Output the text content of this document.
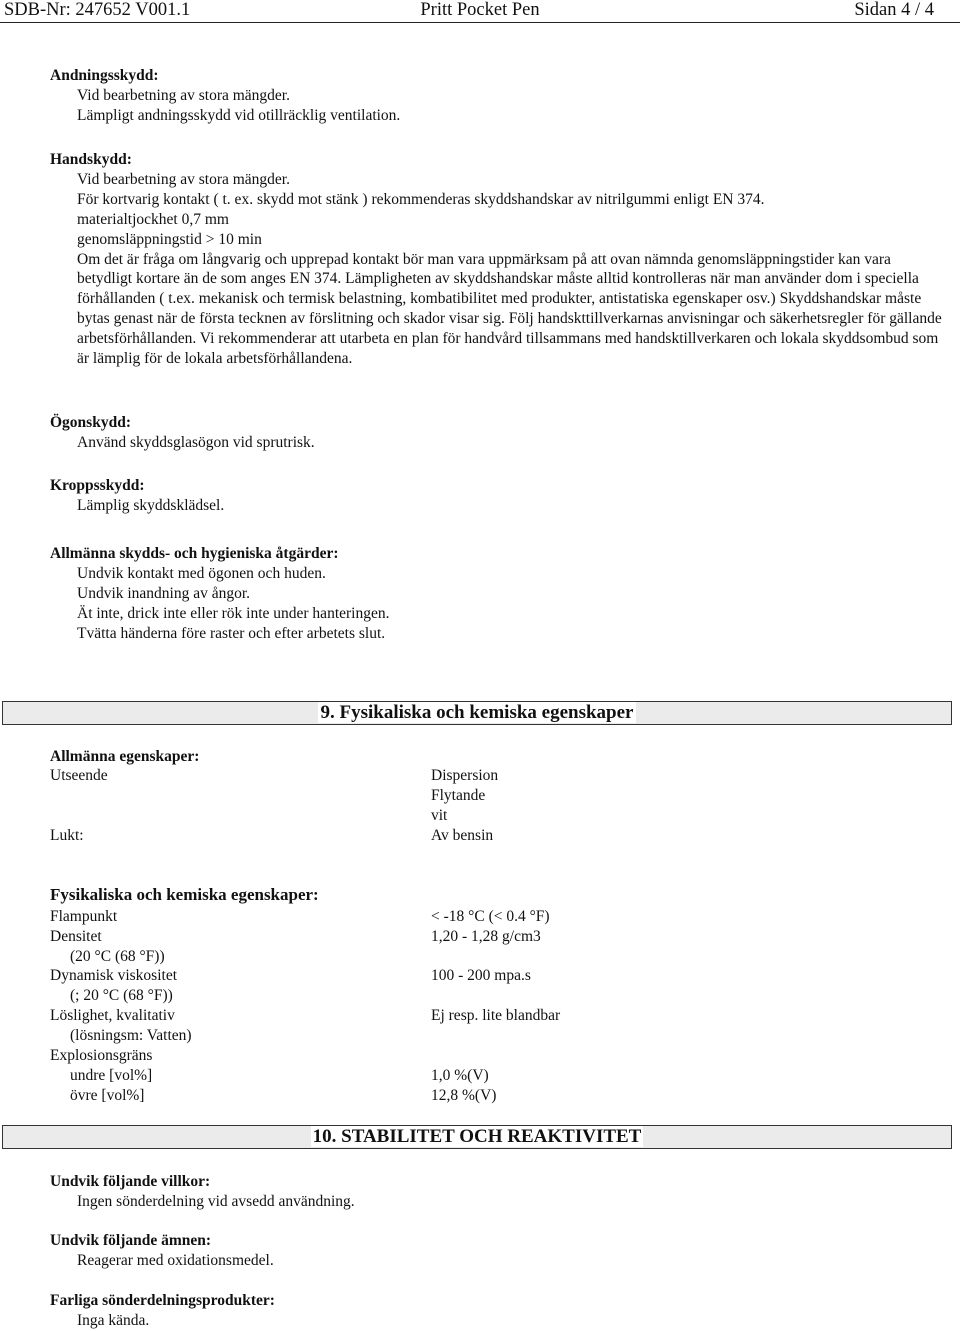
SDB-Nr: 247652 V001.1	Pritt Pocket Pen	Sidan 4 / 4
Andningsskydd:
Vid bearbetning av stora mängder.
Lämpligt andningsskydd vid otillräcklig ventilation.
Handskydd:
Vid bearbetning av stora mängder.
För kortvarig kontakt ( t. ex. skydd mot stänk ) rekommenderas skyddshandskar av nitrilgummi enligt EN 374.
materialtjockhet 0,7 mm
genomsläppningstid > 10 min
Om det är fråga om långvarig och upprepad kontakt bör man vara uppmärksam på att ovan nämnda genomsläppningstider kan vara betydligt kortare än de som anges EN 374. Lämpligheten av skyddshandskar måste alltid kontrolleras när man använder dom i speciella förhållanden ( t.ex. mekanisk och termisk belastning, kombatibilitet med produkter, antistatiska egenskaper osv.) Skyddshandskar måste bytas genast när de första tecknen av förslitning och skador visar sig. Följ handskttillverkarnas anvisningar och säkerhetsregler för gällande arbetsförhållanden. Vi rekommenderar att utarbeta en plan för handvård tillsammans med handsktillverkaren och lokala skyddsombud som är lämplig för de lokala arbetsförhållandena.
Ögonskydd:
Använd skyddsglasögon vid sprutrisk.
Kroppsskydd:
Lämplig skyddsklädsel.
Allmänna skydds- och hygieniska åtgärder:
Undvik kontakt med ögonen och huden.
Undvik inandning av ångor.
Ät inte, drick inte eller rök inte under hanteringen.
Tvätta händerna före raster och efter arbetets slut.
9. Fysikaliska och kemiska egenskaper
Allmänna egenskaper:
Utseende	Dispersion
Flytande
vit
Lukt:	Av bensin
Fysikaliska och kemiska egenskaper:
Flampunkt	< -18 °C (< 0.4 °F)
Densitet	1,20 - 1,28 g/cm3
(20 °C (68 °F))
Dynamisk viskositet	100 - 200 mpa.s
(; 20 °C (68 °F))
Löslighet, kvalitativ	Ej resp. lite blandbar
(lösningsm: Vatten)
Explosionsgräns
undre [vol%]	1,0 %(V)
övre [vol%]	12,8 %(V)
10. STABILITET OCH REAKTIVITET
Undvik följande villkor:
Ingen sönderdelning vid avsedd användning.
Undvik följande ämnen:
Reagerar med oxidationsmedel.
Farliga sönderdelningsprodukter:
Inga kända.
